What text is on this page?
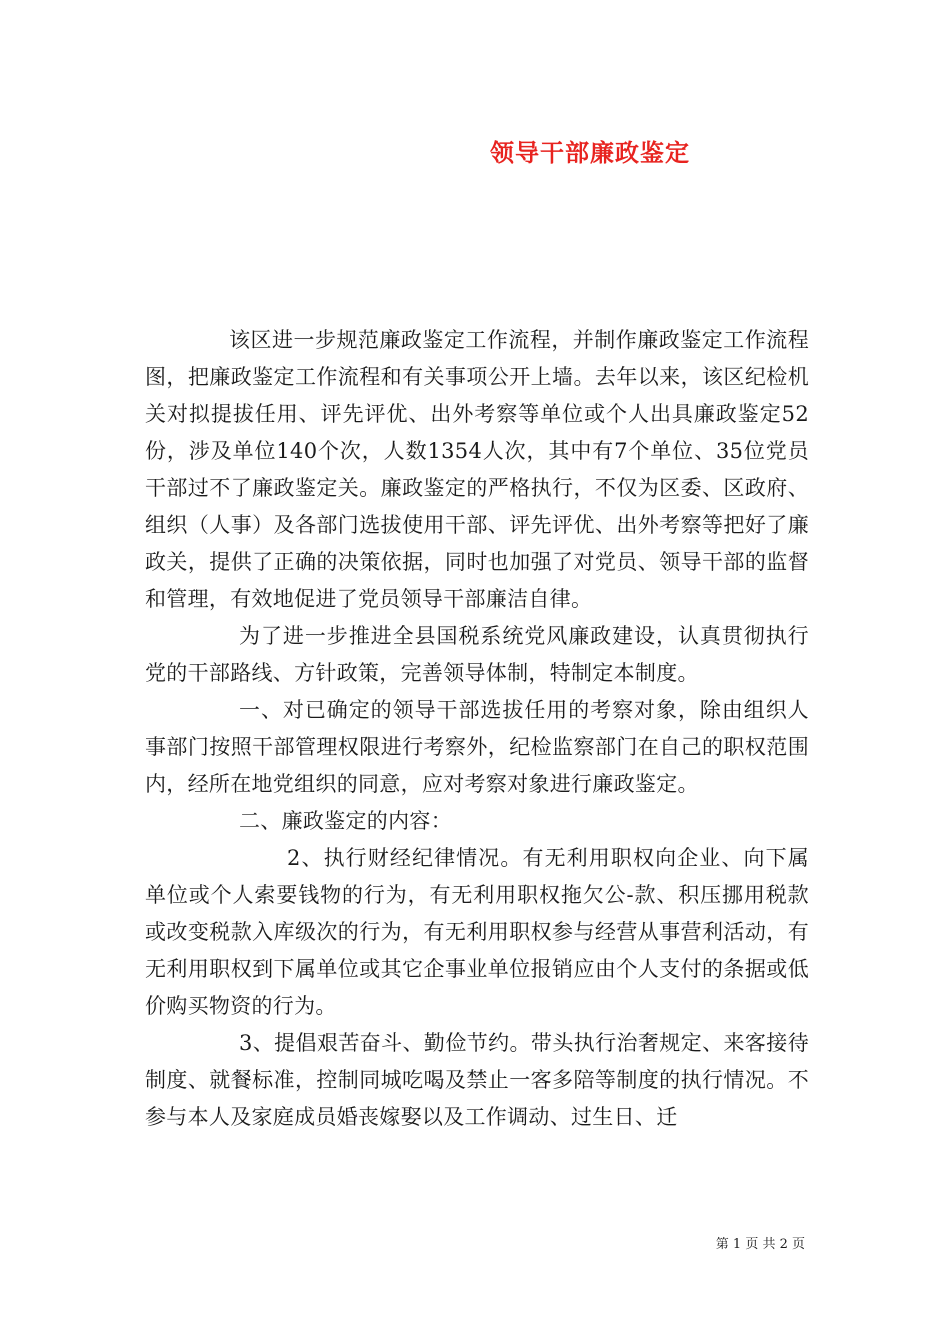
领导干部廉政鉴定

该区进一步规范廉政鉴定工作流程，并制作廉政鉴定工作流程图，把廉政鉴定工作流程和有关事项公开上墙。去年以来，该区纪检机关对拟提拔任用、评先评优、出外考察等单位或个人出具廉政鉴定52份，涉及单位140个次，人数1354人次，其中有7个单位、35位党员干部过不了廉政鉴定关。廉政鉴定的严格执行，不仅为区委、区政府、组织（人事）及各部门选拔使用干部、评先评优、出外考察等把好了廉政关，提供了正确的决策依据，同时也加强了对党员、领导干部的监督和管理，有效地促进了党员领导干部廉洁自律。

为了进一步推进全县国税系统党风廉政建设，认真贯彻执行党的干部路线、方针政策，完善领导体制，特制定本制度。

一、对已确定的领导干部选拔任用的考察对象，除由组织人事部门按照干部管理权限进行考察外，纪检监察部门在自己的职权范围内，经所在地党组织的同意，应对考察对象进行廉政鉴定。

二、廉政鉴定的内容：

2、执行财经纪律情况。有无利用职权向企业、向下属单位或个人索要钱物的行为，有无利用职权拖欠公-款、积压挪用税款或改变税款入库级次的行为，有无利用职权参与经营从事营利活动，有无利用职权到下属单位或其它企事业单位报销应由个人支付的条据或低价购买物资的行为。

3、提倡艰苦奋斗、勤俭节约。带头执行治奢规定、来客接待制度、就餐标准，控制同城吃喝及禁止一客多陪等制度的执行情况。不参与本人及家庭成员婚丧嫁娶以及工作调动、过生日、迁

第 1 页 共 2 页
